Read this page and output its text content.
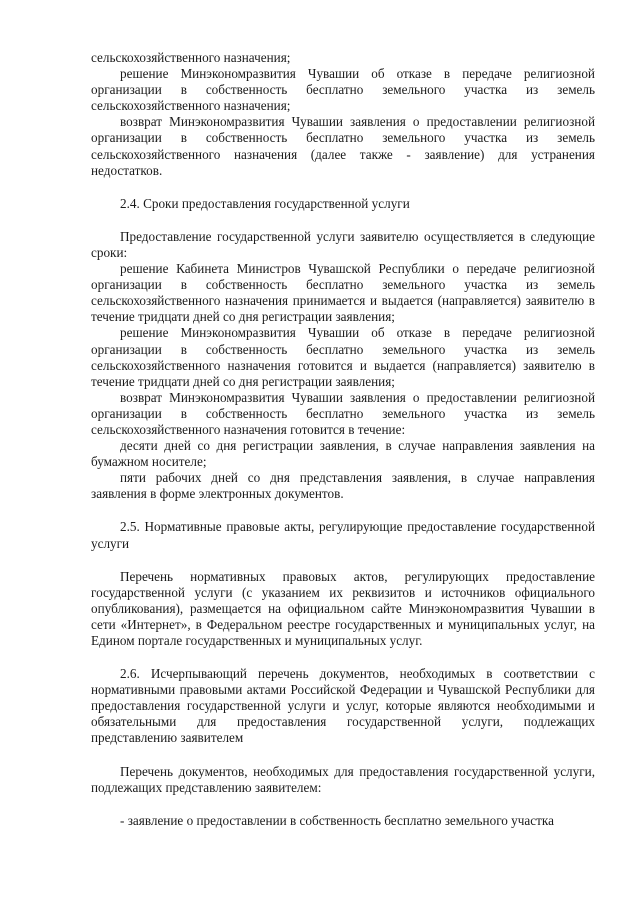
сельскохозяйственного назначения;

решение Минэкономразвития Чувашии об отказе в передаче религиозной организации в собственность бесплатно земельного участка из земель сельскохозяйственного назначения;

возврат Минэкономразвития Чувашии заявления о предоставлении религиозной организации в собственность бесплатно земельного участка из земель сельскохозяйственного назначения (далее также - заявление) для устранения недостатков.

2.4. Сроки предоставления государственной услуги

Предоставление государственной услуги заявителю осуществляется в следующие сроки:

решение Кабинета Министров Чувашской Республики о передаче религиозной организации в собственность бесплатно земельного участка из земель сельскохозяйственного назначения принимается и выдается (направляется) заявителю в течение тридцати дней со дня регистрации заявления;

решение Минэкономразвития Чувашии об отказе в передаче религиозной организации в собственность бесплатно земельного участка из земель сельскохозяйственного назначения готовится и выдается (направляется) заявителю в течение тридцати дней со дня регистрации заявления;

возврат Минэкономразвития Чувашии заявления о предоставлении религиозной организации в собственность бесплатно земельного участка из земель сельскохозяйственного назначения готовится в течение:

десяти дней со дня регистрации заявления, в случае направления заявления на бумажном носителе;

пяти рабочих дней со дня представления заявления, в случае направления заявления в форме электронных документов.

2.5. Нормативные правовые акты, регулирующие предоставление государственной услуги

Перечень нормативных правовых актов, регулирующих предоставление государственной услуги (с указанием их реквизитов и источников официального опубликования), размещается на официальном сайте Минэкономразвития Чувашии в сети «Интернет», в Федеральном реестре государственных и муниципальных услуг, на Едином портале государственных и муниципальных услуг.

2.6. Исчерпывающий перечень документов, необходимых в соответствии с нормативными правовыми актами Российской Федерации и Чувашской Республики для предоставления государственной услуги и услуг, которые являются необходимыми и обязательными для предоставления государственной услуги, подлежащих представлению заявителем

Перечень документов, необходимых для предоставления государственной услуги, подлежащих представлению заявителем:

- заявление о предоставлении в собственность бесплатно земельного участка
